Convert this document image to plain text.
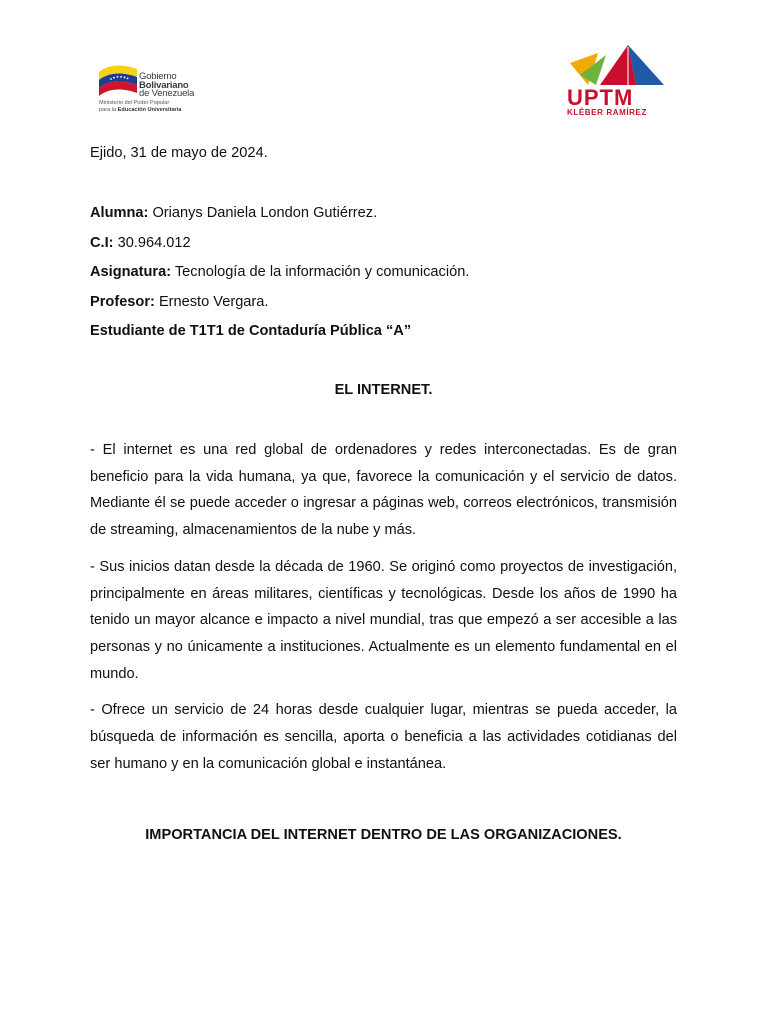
Gobierno
Bolivariano
de Venezuela
Ministerio del Poder Popular
para la Educación Universitaria	UPTM
KLÉBER RAMÍREZ
Ejido, 31 de mayo de 2024.
Alumna: Orianys Daniela London Gutiérrez.
C.I: 30.964.012
Asignatura: Tecnología de la información y comunicación.
Profesor: Ernesto Vergara.
Estudiante de T1T1 de Contaduría Pública “A”
EL INTERNET.

- El internet es una red global de ordenadores y redes interconectadas. Es de gran beneficio para la vida humana, ya que, favorece la comunicación y el servicio de datos. Mediante él se puede acceder o ingresar a páginas web, correos electrónicos, transmisión de streaming, almacenamientos de la nube y más.

- Sus inicios datan desde la década de 1960. Se originó como proyectos de investigación, principalmente en áreas militares, científicas y tecnológicas. Desde los años de 1990 ha tenido un mayor alcance e impacto a nivel mundial, tras que empezó a ser accesible a las personas y no únicamente a instituciones. Actualmente es un elemento fundamental en el mundo.

- Ofrece un servicio de 24 horas desde cualquier lugar, mientras se pueda acceder, la búsqueda de información es sencilla, aporta o beneficia a las actividades cotidianas del ser humano y en la comunicación global e instantánea.

IMPORTANCIA DEL INTERNET DENTRO DE LAS ORGANIZACIONES.
